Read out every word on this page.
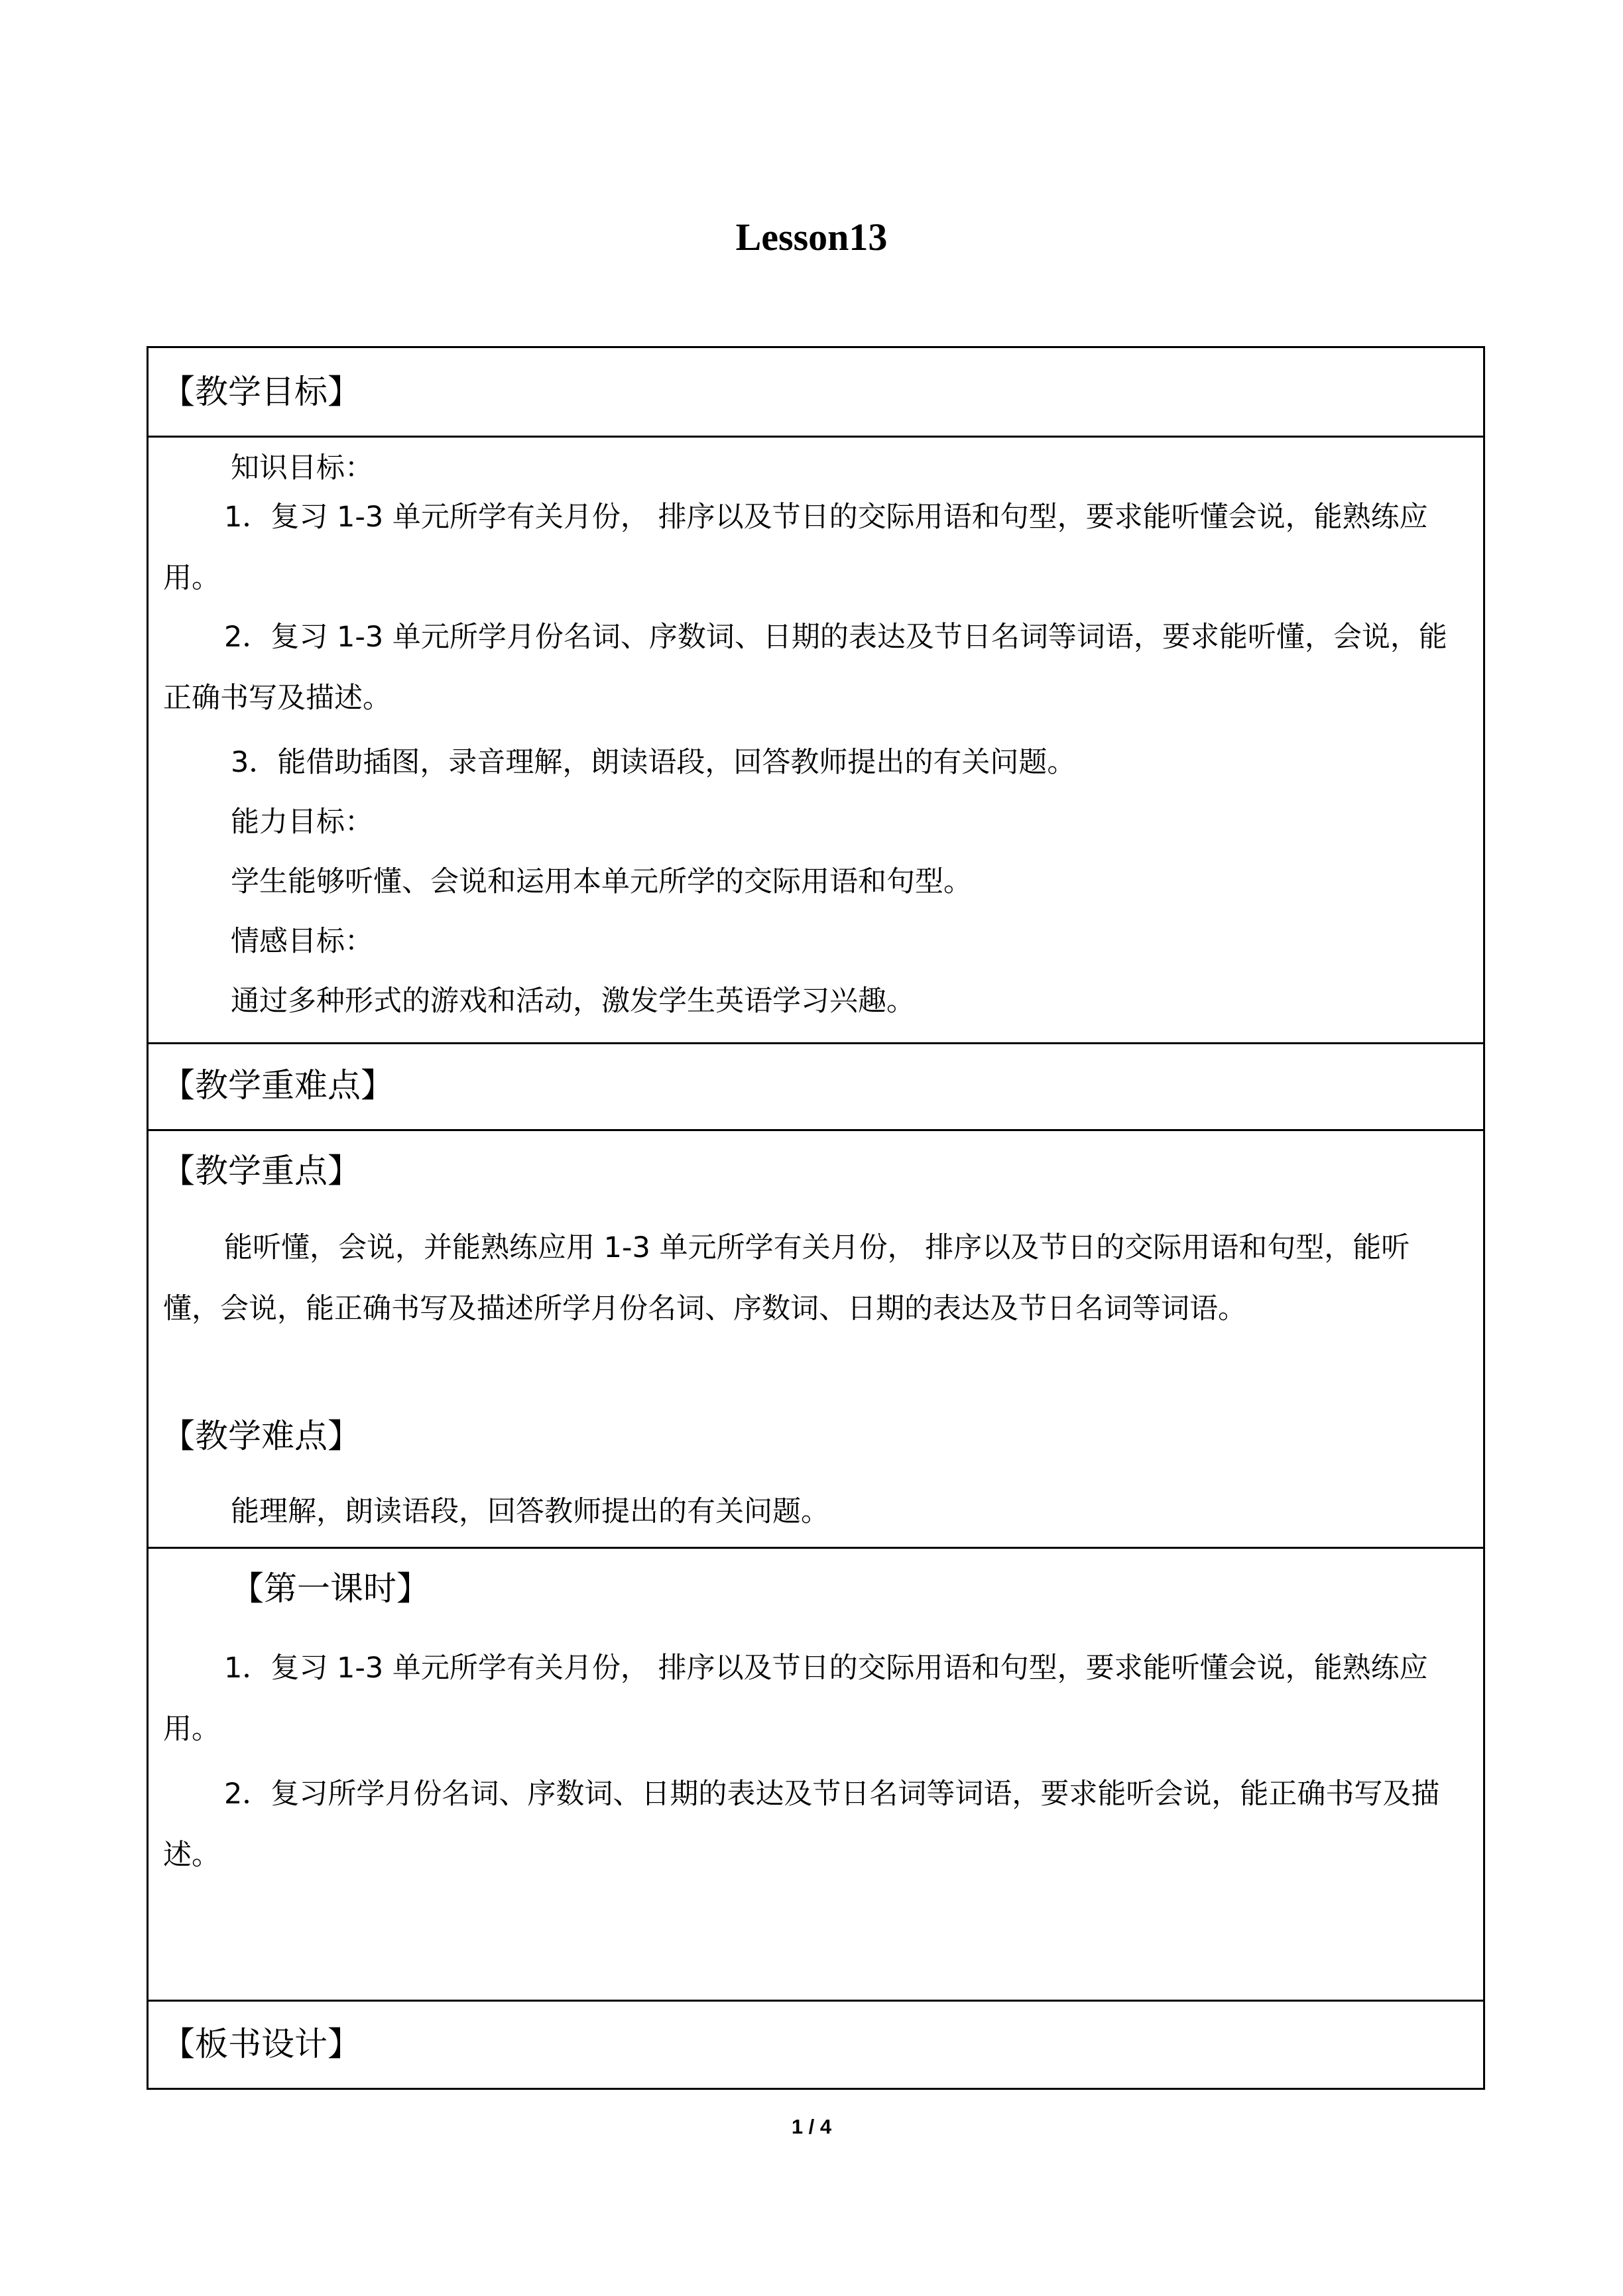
Lesson13
【教学目标】

知识目标：

1．复习 1-3 单元所学有关月份， 排序以及节日的交际用语和句型，要求能听懂会说，能熟练应用。

2．复习 1-3 单元所学月份名词、序数词、日期的表达及节日名词等词语，要求能听懂，会说，能正确书写及描述。

3．能借助插图，录音理解，朗读语段，回答教师提出的有关问题。

能力目标：

学生能够听懂、会说和运用本单元所学的交际用语和句型。

情感目标：

通过多种形式的游戏和活动，激发学生英语学习兴趣。

【教学重难点】
【教学重点】

能听懂，会说，并能熟练应用 1-3 单元所学有关月份， 排序以及节日的交际用语和句型，能听懂，会说，能正确书写及描述所学月份名词、序数词、日期的表达及节日名词等词语。

【教学难点】

能理解，朗读语段，回答教师提出的有关问题。

【第一课时】

1．复习 1-3 单元所学有关月份， 排序以及节日的交际用语和句型，要求能听懂会说，能熟练应用。

2．复习所学月份名词、序数词、日期的表达及节日名词等词语，要求能听会说，能正确书写及描述。

【板书设计】
1 / 4
